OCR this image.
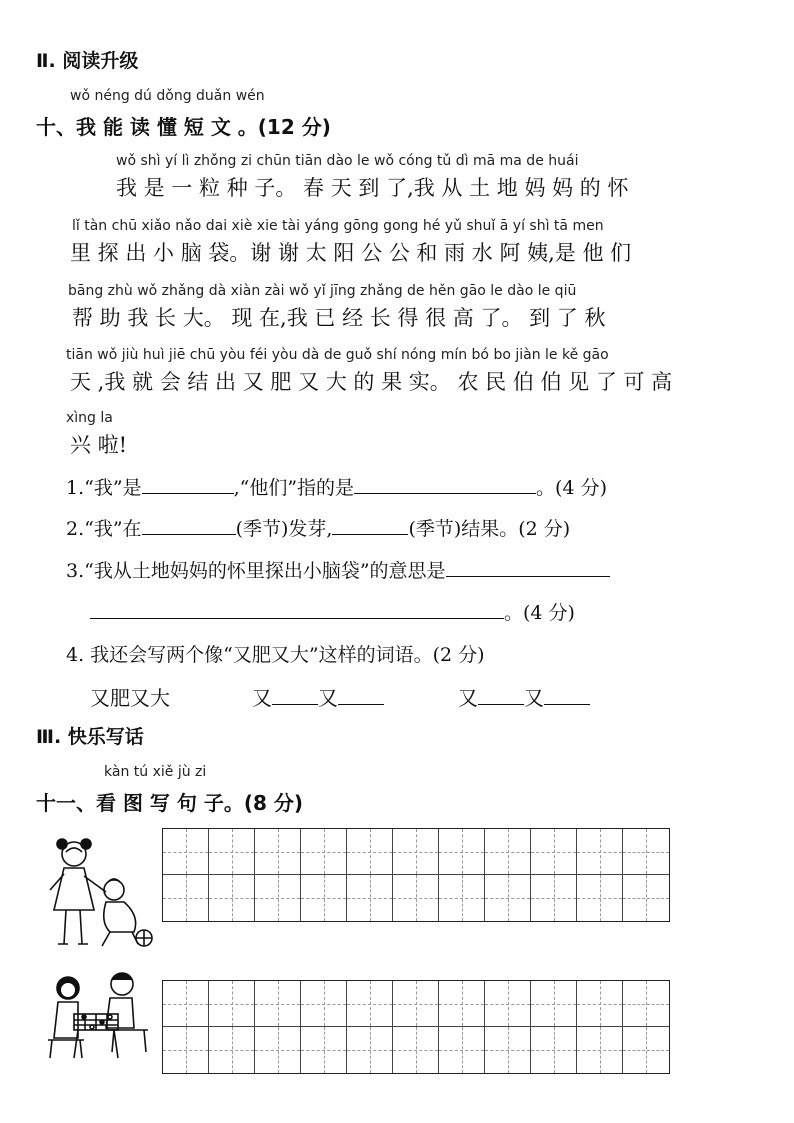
Ⅱ. 阅读升级
wǒ néng dú dǒng duǎn wén
十、我 能 读 懂 短 文 。(12 分)
wǒ shì yí lì zhǒng zi chūn tiān dào le wǒ cóng tǔ dì mā ma de huái
我 是 一 粒 种 子。 春 天 到 了,我 从 土 地 妈 妈 的 怀
lǐ tàn chū xiǎo nǎo dai xiè xie tài yáng gōng gong hé yǔ shuǐ ā yí shì tā men
里 探 出 小 脑 袋。谢 谢 太 阳 公 公 和 雨 水 阿 姨,是 他 们
bāng zhù wǒ zhǎng dà xiàn zài wǒ yǐ jīng zhǎng de hěn gāo le dào le qiū
帮 助 我 长 大。 现 在,我 已 经 长 得 很 高 了。 到 了 秋
tiān wǒ jiù huì jiē chū yòu féi yòu dà de guǒ shí nóng mín bó bo jiàn le kě gāo
天 ,我 就 会 结 出 又 肥 又 大 的 果 实。 农 民 伯 伯 见 了 可 高
xìng la
兴 啦!
1.“我”是	,“他们”指的是	。(4 分)
2.“我”在	(季节)发芽,	(季节)结果。(2 分)
3.“我从土地妈妈的怀里探出小脑袋”的意思是
。(4 分)
4. 我还会写两个像“又肥又大”这样的词语。(2 分)
又肥又大	又 又	又 又
Ⅲ. 快乐写话
kàn tú xiě jù zi
十一、看 图 写 句 子。(8 分)
